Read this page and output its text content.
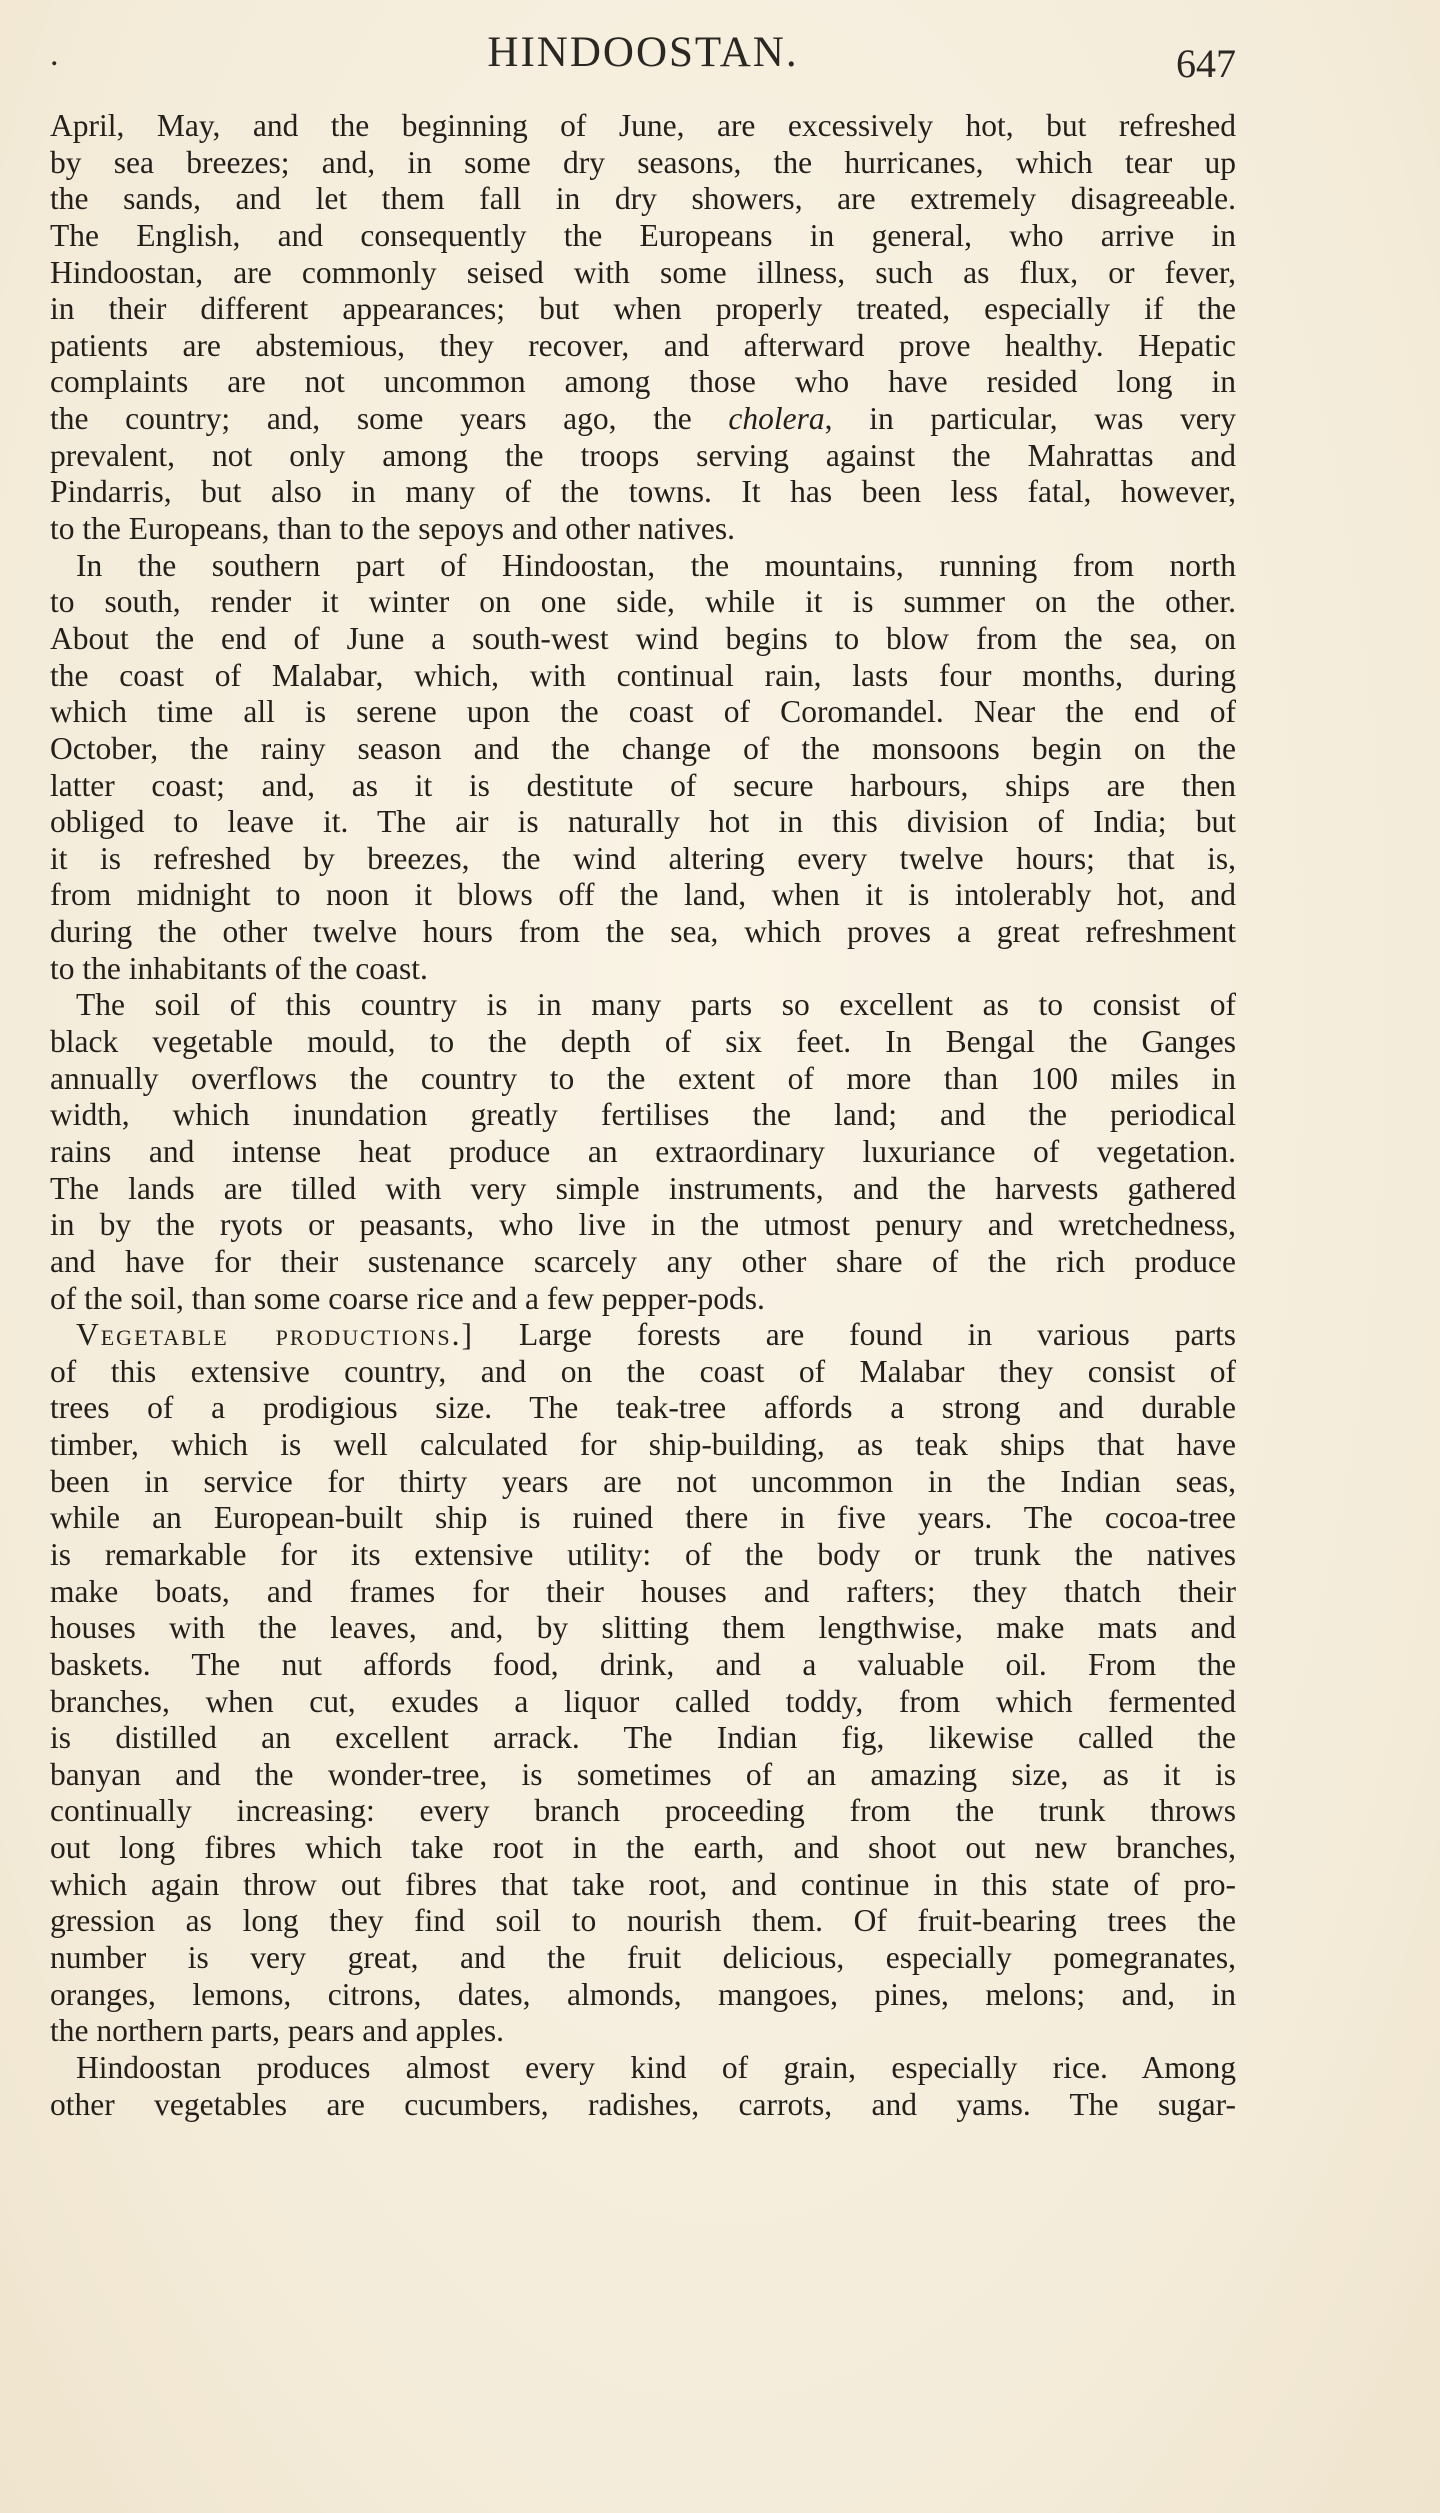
.	HINDOOSTAN.	647
April, May, and the beginning of June, are excessively hot, but refreshed
by sea breezes; and, in some dry seasons, the hurricanes, which tear up
the sands, and let them fall in dry showers, are extremely disagreeable.
The English, and consequently the Europeans in general, who arrive in
Hindoostan, are commonly seised with some illness, such as flux, or fever,
in their different appearances; but when properly treated, especially if the
patients are abstemious, they recover, and afterward prove healthy. Hepatic
complaints are not uncommon among those who have resided long in
the country; and, some years ago, the cholera, in particular, was very
prevalent, not only among the troops serving against the Mahrattas and
Pindarris, but also in many of the towns. It has been less fatal, however,
to the Europeans, than to the sepoys and other natives.
In the southern part of Hindoostan, the mountains, running from north
to south, render it winter on one side, while it is summer on the other.
About the end of June a south-west wind begins to blow from the sea, on
the coast of Malabar, which, with continual rain, lasts four months, during
which time all is serene upon the coast of Coromandel. Near the end of
October, the rainy season and the change of the monsoons begin on the
latter coast; and, as it is destitute of secure harbours, ships are then
obliged to leave it. The air is naturally hot in this division of India; but
it is refreshed by breezes, the wind altering every twelve hours; that is,
from midnight to noon it blows off the land, when it is intolerably hot, and
during the other twelve hours from the sea, which proves a great refreshment
to the inhabitants of the coast.
The soil of this country is in many parts so excellent as to consist of
black vegetable mould, to the depth of six feet. In Bengal the Ganges
annually overflows the country to the extent of more than 100 miles in
width, which inundation greatly fertilises the land; and the periodical
rains and intense heat produce an extraordinary luxuriance of vegetation.
The lands are tilled with very simple instruments, and the harvests gathered
in by the ryots or peasants, who live in the utmost penury and wretchedness,
and have for their sustenance scarcely any other share of the rich produce
of the soil, than some coarse rice and a few pepper-pods.
Vegetable productions.] Large forests are found in various parts
of this extensive country, and on the coast of Malabar they consist of
trees of a prodigious size. The teak-tree affords a strong and durable
timber, which is well calculated for ship-building, as teak ships that have
been in service for thirty years are not uncommon in the Indian seas,
while an European-built ship is ruined there in five years. The cocoa-tree
is remarkable for its extensive utility: of the body or trunk the natives
make boats, and frames for their houses and rafters; they thatch their
houses with the leaves, and, by slitting them lengthwise, make mats and
baskets. The nut affords food, drink, and a valuable oil. From the
branches, when cut, exudes a liquor called toddy, from which fermented
is distilled an excellent arrack. The Indian fig, likewise called the
banyan and the wonder-tree, is sometimes of an amazing size, as it is
continually increasing: every branch proceeding from the trunk throws
out long fibres which take root in the earth, and shoot out new branches,
which again throw out fibres that take root, and continue in this state of pro-
gression as long they find soil to nourish them. Of fruit-bearing trees the
number is very great, and the fruit delicious, especially pomegranates,
oranges, lemons, citrons, dates, almonds, mangoes, pines, melons; and, in
the northern parts, pears and apples.
Hindoostan produces almost every kind of grain, especially rice. Among
other vegetables are cucumbers, radishes, carrots, and yams. The sugar-
